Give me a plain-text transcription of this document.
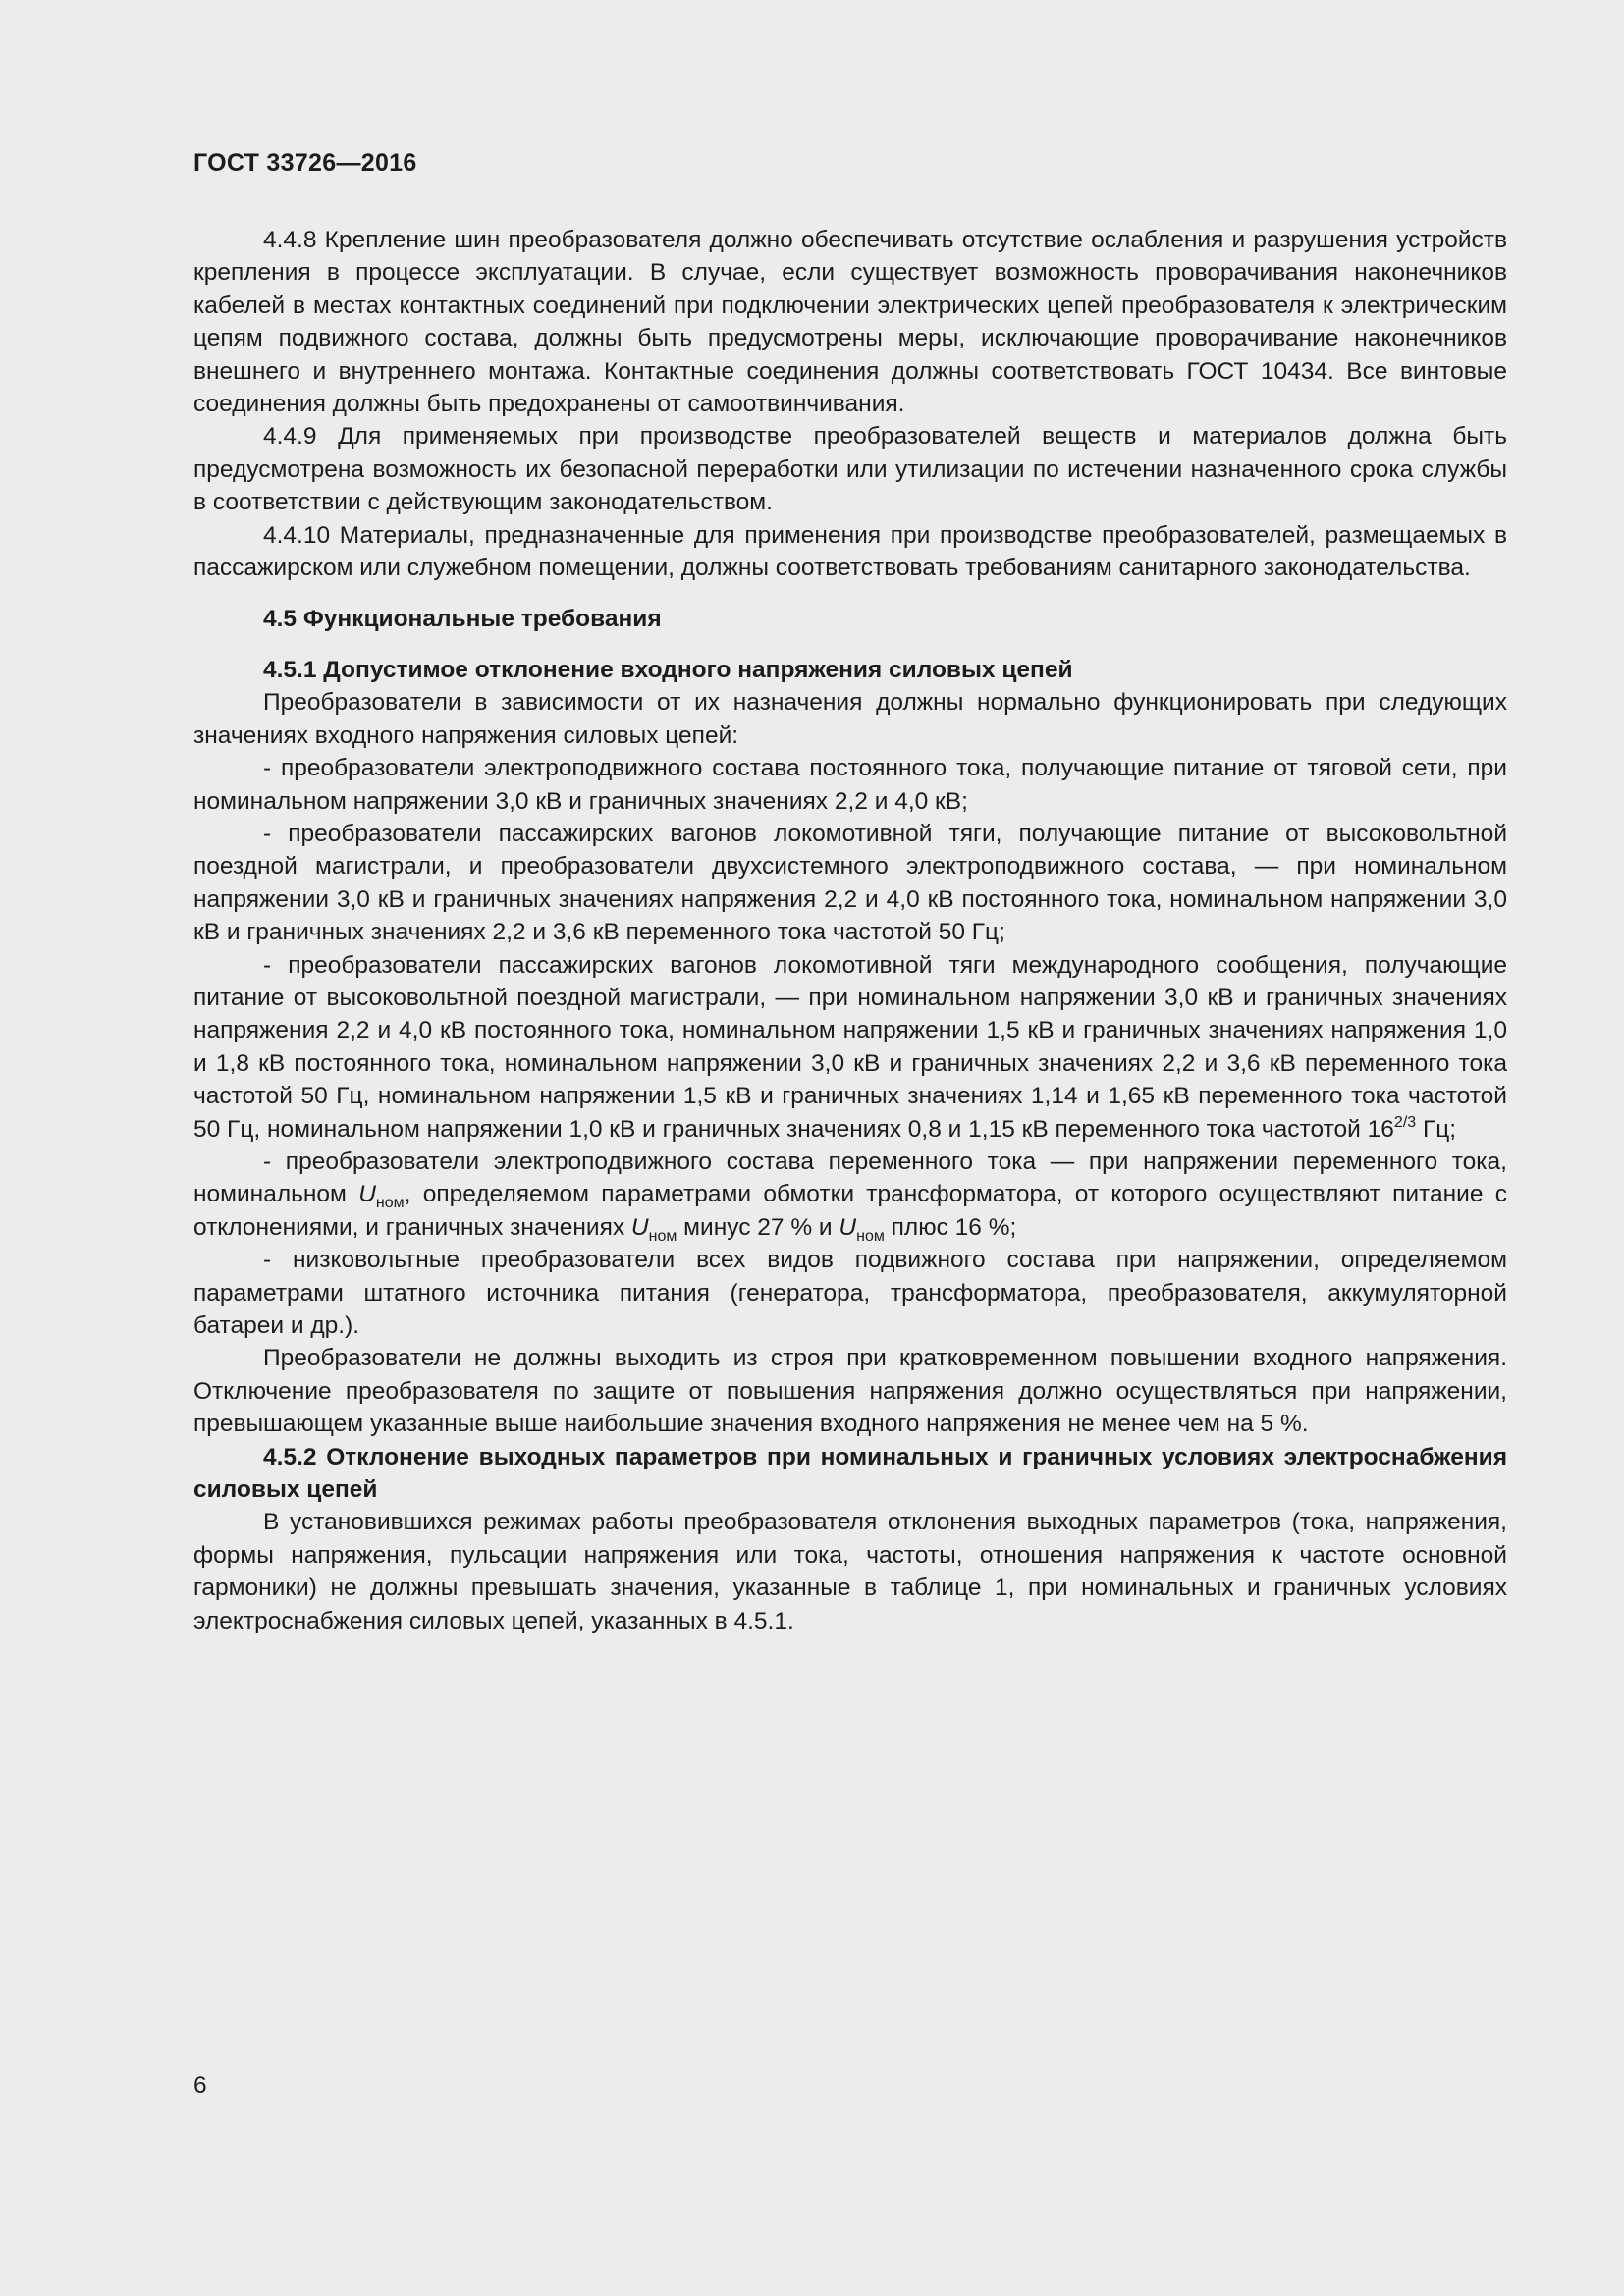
ГОСТ 33726—2016

4.4.8 Крепление шин преобразователя должно обеспечивать отсутствие ослабления и разрушения устройств крепления в процессе эксплуатации. В случае, если существует возможность проворачивания наконечников кабелей в местах контактных соединений при подключении электрических цепей преобразователя к электрическим цепям подвижного состава, должны быть предусмотрены меры, исключающие проворачивание наконечников внешнего и внутреннего монтажа. Контактные соединения должны соответствовать ГОСТ 10434. Все винтовые соединения должны быть предохранены от самоотвинчивания.

4.4.9 Для применяемых при производстве преобразователей веществ и материалов должна быть предусмотрена возможность их безопасной переработки или утилизации по истечении назначенного срока службы в соответствии с действующим законодательством.

4.4.10 Материалы, предназначенные для применения при производстве преобразователей, размещаемых в пассажирском или служебном помещении, должны соответствовать требованиям санитарного законодательства.

4.5 Функциональные требования

4.5.1 Допустимое отклонение входного напряжения силовых цепей

Преобразователи в зависимости от их назначения должны нормально функционировать при следующих значениях входного напряжения силовых цепей:

- преобразователи электроподвижного состава постоянного тока, получающие питание от тяговой сети, при номинальном напряжении 3,0 кВ и граничных значениях 2,2 и 4,0 кВ;

- преобразователи пассажирских вагонов локомотивной тяги, получающие питание от высоковольтной поездной магистрали, и преобразователи двухсистемного электроподвижного состава, — при номинальном напряжении 3,0 кВ и граничных значениях напряжения 2,2 и 4,0 кВ постоянного тока, номинальном напряжении 3,0 кВ и граничных значениях 2,2 и 3,6 кВ переменного тока частотой 50 Гц;

- преобразователи пассажирских вагонов локомотивной тяги международного сообщения, получающие питание от высоковольтной поездной магистрали, — при номинальном напряжении 3,0 кВ и граничных значениях напряжения 2,2 и 4,0 кВ постоянного тока, номинальном напряжении 1,5 кВ и граничных значениях напряжения 1,0 и 1,8 кВ постоянного тока, номинальном напряжении 3,0 кВ и граничных значениях 2,2 и 3,6 кВ переменного тока частотой 50 Гц, номинальном напряжении 1,5 кВ и граничных значениях 1,14 и 1,65 кВ переменного тока частотой 50 Гц, номинальном напряжении 1,0 кВ и граничных значениях 0,8 и 1,15 кВ переменного тока частотой $16^{2/3}$ Гц;

- преобразователи электроподвижного состава переменного тока — при напряжении переменного тока, номинальном $U_{ном}$, определяемом параметрами обмотки трансформатора, от которого осуществляют питание с отклонениями, и граничных значениях $U_{ном}$ минус 27 % и $U_{ном}$ плюс 16 %;

- низковольтные преобразователи всех видов подвижного состава при напряжении, определяемом параметрами штатного источника питания (генератора, трансформатора, преобразователя, аккумуляторной батареи и др.).

Преобразователи не должны выходить из строя при кратковременном повышении входного напряжения. Отключение преобразователя по защите от повышения напряжения должно осуществляться при напряжении, превышающем указанные выше наибольшие значения входного напряжения не менее чем на 5 %.

4.5.2 Отклонение выходных параметров при номинальных и граничных условиях электроснабжения силовых цепей

В установившихся режимах работы преобразователя отклонения выходных параметров (тока, напряжения, формы напряжения, пульсации напряжения или тока, частоты, отношения напряжения к частоте основной гармоники) не должны превышать значения, указанные в таблице 1, при номинальных и граничных условиях электроснабжения силовых цепей, указанных в 4.5.1.

6
